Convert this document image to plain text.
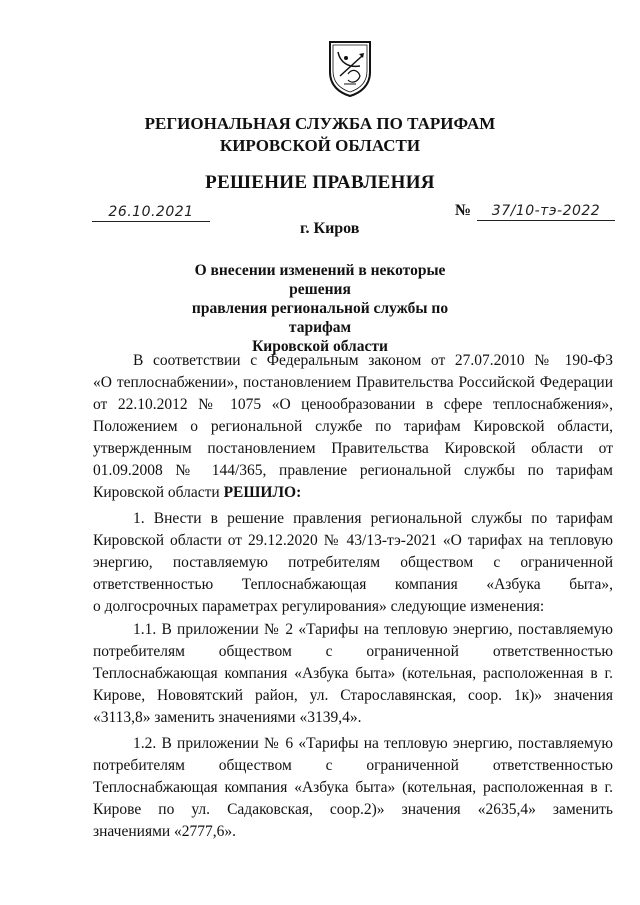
РЕГИОНАЛЬНАЯ СЛУЖБА ПО ТАРИФАМ
КИРОВСКОЙ ОБЛАСТИ
РЕШЕНИЕ ПРАВЛЕНИЯ
26.10.2021	№	37/10-тэ-2022
г. Киров
О внесении изменений в некоторые решения
правления региональной службы по тарифам
Кировской области
В соответствии с Федеральным законом от 27.07.2010 № 190-ФЗ
«О теплоснабжении», постановлением Правительства Российской Федерации от 22.10.2012 № 1075 «О ценообразовании в сфере теплоснабжения», Положением о региональной службе по тарифам Кировской области, утвержденным постановлением Правительства Кировской области от 01.09.2008 № 144/365, правление региональной службы по тарифам
Кировской области РЕШИЛО:
1. Внести в решение правления региональной службы по тарифам
Кировской области от 29.12.2020 № 43/13-тэ-2021 «О тарифах на тепловую энергию, поставляемую потребителям обществом с ограниченной ответственностью Теплоснабжающая компания «Азбука быта»,
о долгосрочных параметрах регулирования» следующие изменения:
1.1. В приложении № 2 «Тарифы на тепловую энергию, поставляемую
потребителям обществом с ограниченной ответственностью Теплоснабжающая компания «Азбука быта» (котельная, расположенная в г. Кирове, Нововятский район, ул. Старославянская, соор. 1к)» значения
«3113,8» заменить значениями «3139,4».
1.2. В приложении № 6 «Тарифы на тепловую энергию, поставляемую
потребителям обществом с ограниченной ответственностью Теплоснабжающая компания «Азбука быта» (котельная, расположенная в г. Кирове по ул. Садаковская, соор.2)» значения «2635,4» заменить
значениями «2777,6».
